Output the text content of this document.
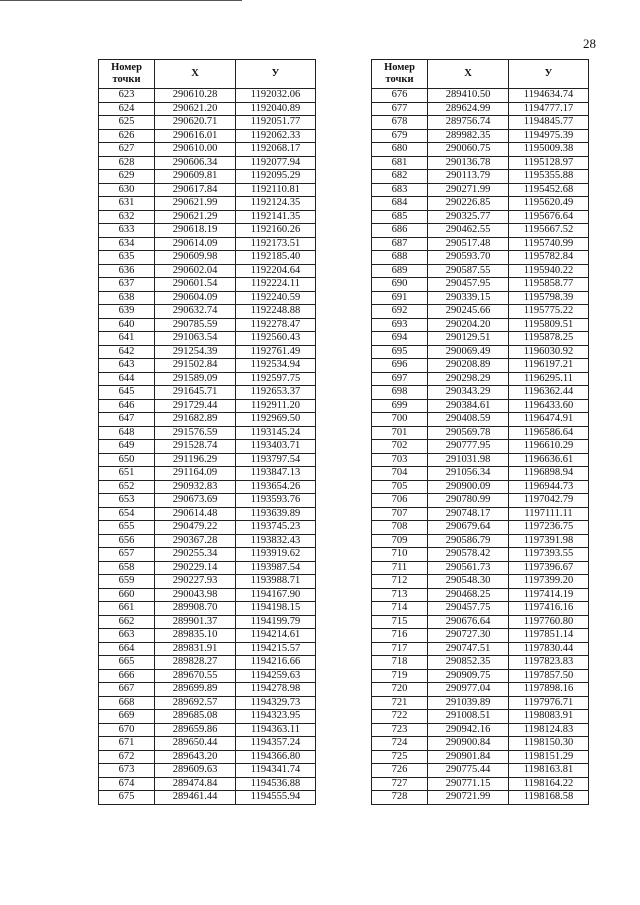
28
Номер
точки	X	У
623	290610.28	1192032.06
624	290621.20	1192040.89
625	290620.71	1192051.77
626	290616.01	1192062.33
627	290610.00	1192068.17
628	290606.34	1192077.94
629	290609.81	1192095.29
630	290617.84	1192110.81
631	290621.99	1192124.35
632	290621.29	1192141.35
633	290618.19	1192160.26
634	290614.09	1192173.51
635	290609.98	1192185.40
636	290602.04	1192204.64
637	290601.54	1192224.11
638	290604.09	1192240.59
639	290632.74	1192248.88
640	290785.59	1192278.47
641	291063.54	1192560.43
642	291254.39	1192761.49
643	291502.84	1192534.94
644	291589.09	1192597.75
645	291645.71	1192653.37
646	291729.44	1192911.20
647	291682.89	1192969.50
648	291576.59	1193145.24
649	291528.74	1193403.71
650	291196.29	1193797.54
651	291164.09	1193847.13
652	290932.83	1193654.26
653	290673.69	1193593.76
654	290614.48	1193639.89
655	290479.22	1193745.23
656	290367.28	1193832.43
657	290255.34	1193919.62
658	290229.14	1193987.54
659	290227.93	1193988.71
660	290043.98	1194167.90
661	289908.70	1194198.15
662	289901.37	1194199.79
663	289835.10	1194214.61
664	289831.91	1194215.57
665	289828.27	1194216.66
666	289670.55	1194259.63
667	289699.89	1194278.98
668	289692.57	1194329.73
669	289685.08	1194323.95
670	289659.86	1194363.11
671	289650.44	1194357.24
672	289643.20	1194366.80
673	289609.63	1194341.74
674	289474.84	1194536.88
675	289461.44	1194555.94
Номер
точки	X	У
676	289410.50	1194634.74
677	289624.99	1194777.17
678	289756.74	1194845.77
679	289982.35	1194975.39
680	290060.75	1195009.38
681	290136.78	1195128.97
682	290113.79	1195355.88
683	290271.99	1195452.68
684	290226.85	1195620.49
685	290325.77	1195676.64
686	290462.55	1195667.52
687	290517.48	1195740.99
688	290593.70	1195782.84
689	290587.55	1195940.22
690	290457.95	1195858.77
691	290339.15	1195798.39
692	290245.66	1195775.22
693	290204.20	1195809.51
694	290129.51	1195878.25
695	290069.49	1196030.92
696	290208.89	1196197.21
697	290298.29	1196295.11
698	290343.29	1196362.44
699	290384.61	1196433.60
700	290408.59	1196474.91
701	290569.78	1196586.64
702	290777.95	1196610.29
703	291031.98	1196636.61
704	291056.34	1196898.94
705	290900.09	1196944.73
706	290780.99	1197042.79
707	290748.17	1197111.11
708	290679.64	1197236.75
709	290586.79	1197391.98
710	290578.42	1197393.55
711	290561.73	1197396.67
712	290548.30	1197399.20
713	290468.25	1197414.19
714	290457.75	1197416.16
715	290676.64	1197760.80
716	290727.30	1197851.14
717	290747.51	1197830.44
718	290852.35	1197823.83
719	290909.75	1197857.50
720	290977.04	1197898.16
721	291039.89	1197976.71
722	291008.51	1198083.91
723	290942.16	1198124.83
724	290900.84	1198150.30
725	290901.84	1198151.29
726	290775.44	1198163.81
727	290771.15	1198164.22
728	290721.99	1198168.58
